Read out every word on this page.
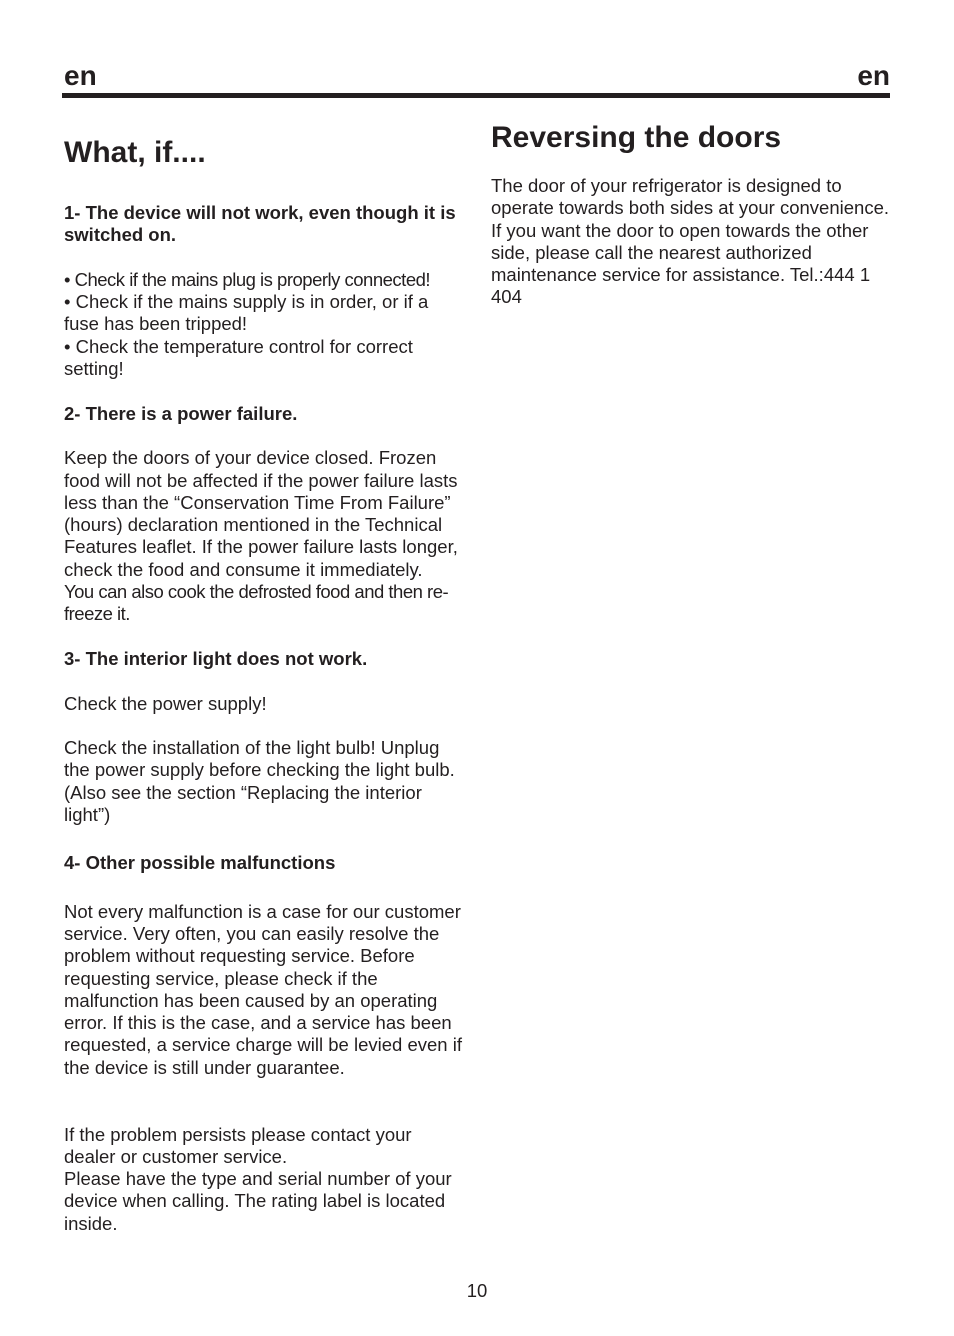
en	en
What, if....

1- The device will not work, even though it is switched on.

• Check if the mains plug is properly connected!

• Check if the mains supply is in order, or if a fuse has been tripped!

• Check the temperature control for correct setting!

2- There is a power failure.

Keep the doors of your device closed. Frozen food will not be affected if the power failure lasts less than the “Conservation Time From Failure” (hours) declaration mentioned in the Technical Features leaflet. If the power failure lasts longer, check the food and consume it immediately.

You can also cook the defrosted food and then re-freeze it.

3- The interior light does not work.

Check the power supply!

Check the installation of the light bulb! Unplug the power supply before checking the light bulb. (Also see the section “Replacing the interior light”)

4- Other possible malfunctions

Not every malfunction is a case for our customer service. Very often, you can easily resolve the problem without requesting service. Before requesting service, please check if the malfunction has been caused by an operating error. If this is the case, and a service has been requested, a service charge will be levied even if the device is still under guarantee.

If the problem persists please contact your dealer or customer service.

Please have the type and serial number of your device when calling. The rating label is located inside.

Reversing the doors

The door of your refrigerator is designed to operate towards both sides at your convenience. If you want the door to open towards the other side, please call the nearest authorized maintenance service for assistance. Tel.:444 1 404

10
